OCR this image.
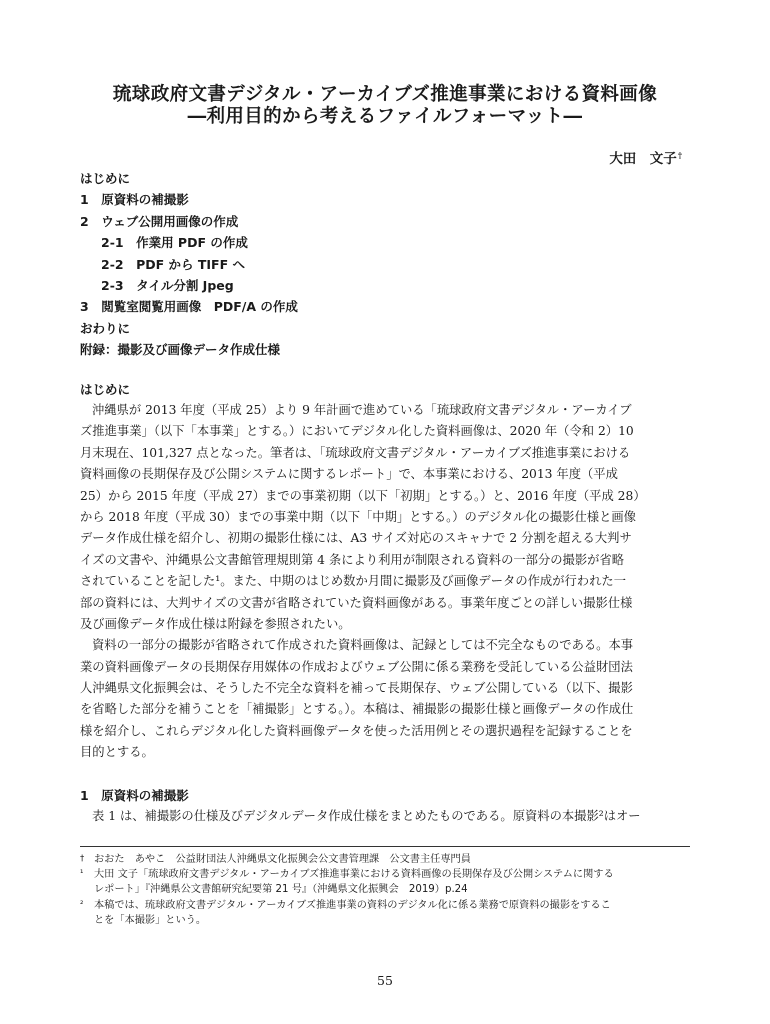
琉球政府文書デジタル・アーカイブズ推進事業における資料画像
―利用目的から考えるファイルフォーマット―
大田　文子†
はじめに
1　原資料の補撮影
2　ウェブ公開用画像の作成
2-1　作業用 PDF の作成
2-2　PDF から TIFF へ
2-3　タイル分割 Jpeg
3　閲覧室閲覧用画像　PDF/A の作成
おわりに
附録：撮影及び画像データ作成仕様
はじめに
沖縄県が 2013 年度（平成 25）より 9 年計画で進めている「琉球政府文書デジタル・アーカイブ
ズ推進事業」（以下「本事業」とする。）においてデジタル化した資料画像は、2020 年（令和 2）10
月末現在、101,327 点となった。筆者は、「琉球政府文書デジタル・アーカイブズ推進事業における
資料画像の長期保存及び公開システムに関するレポート」で、本事業における、2013 年度（平成
25）から 2015 年度（平成 27）までの事業初期（以下「初期」とする。）と、2016 年度（平成 28）
から 2018 年度（平成 30）までの事業中期（以下「中期」とする。）のデジタル化の撮影仕様と画像
データ作成仕様を紹介し、初期の撮影仕様には、A3 サイズ対応のスキャナで 2 分割を超える大判サ
イズの文書や、沖縄県公文書館管理規則第 4 条により利用が制限される資料の一部分の撮影が省略
されていることを記した¹。また、中期のはじめ数か月間に撮影及び画像データの作成が行われた一
部の資料には、大判サイズの文書が省略されていた資料画像がある。事業年度ごとの詳しい撮影仕様
及び画像データ作成仕様は附録を参照されたい。
資料の一部分の撮影が省略されて作成された資料画像は、記録としては不完全なものである。本事
業の資料画像データの長期保存用媒体の作成およびウェブ公開に係る業務を受託している公益財団法
人沖縄県文化振興会は、そうした不完全な資料を補って長期保存、ウェブ公開している（以下、撮影
を省略した部分を補うことを「補撮影」とする。）。本稿は、補撮影の撮影仕様と画像データの作成仕
様を紹介し、これらデジタル化した資料画像データを使った活用例とその選択過程を記録することを
目的とする。
1　原資料の補撮影
表 1 は、補撮影の仕様及びデジタルデータ作成仕様をまとめたものである。原資料の本撮影²はオー
† おおた　あやこ　公益財団法人沖縄県文化振興会公文書管理課　公文書主任専門員
¹	大田 文子「琉球政府文書デジタル・アーカイブズ推進事業における資料画像の長期保存及び公開システムに関する
レポート」『沖縄県公文書館研究紀要第 21 号』（沖縄県文化振興会　2019）p.24
²	本稿では、琉球政府文書デジタル・アーカイブズ推進事業の資料のデジタル化に係る業務で原資料の撮影をするこ
とを「本撮影」という。
55
